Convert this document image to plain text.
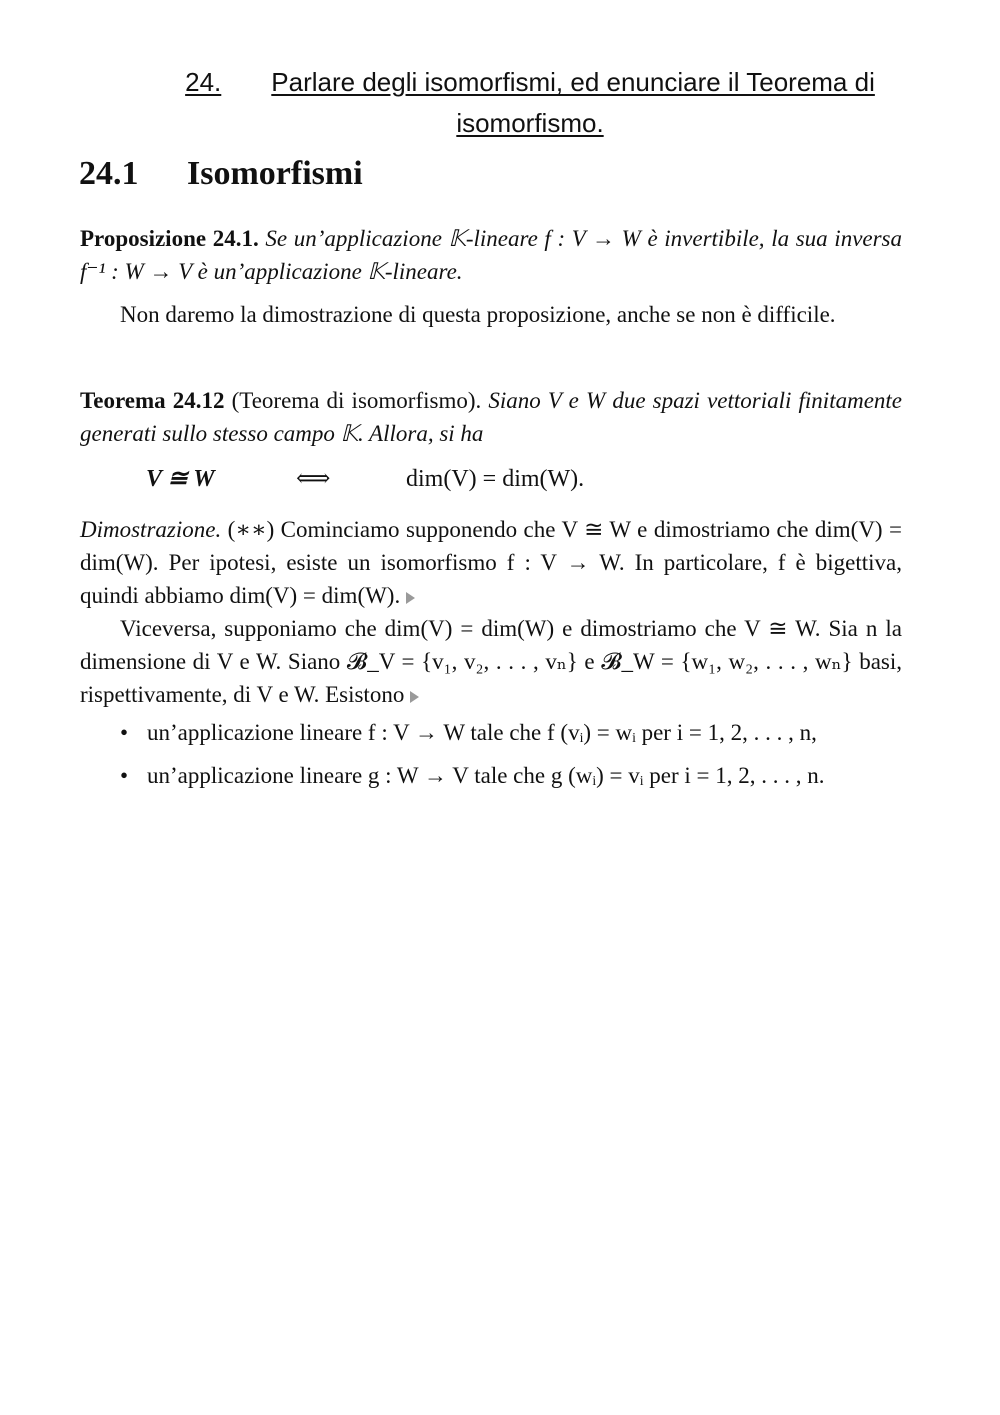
24. Parlare degli isomorfismi, ed enunciare il Teorema di isomorfismo.
24.1 Isomorfismi
Proposizione 24.1. Se un’applicazione 𝕂-lineare f : V → W è invertibile, la sua inversa f⁻¹ : W → V è un’applicazione 𝕂-lineare.
Non daremo la dimostrazione di questa proposizione, anche se non è difficile.
Teorema 24.12 (Teorema di isomorfismo). Siano V e W due spazi vettoriali finitamente generati sullo stesso campo 𝕂. Allora, si ha
V ≅ W	⟺	dim(V) = dim(W).
Dimostrazione. (∗∗) Cominciamo supponendo che V ≅ W e dimostriamo che dim(V) = dim(W). Per ipotesi, esiste un isomorfismo f : V → W. In particolare, f è bigettiva, quindi abbiamo dim(V) = dim(W).
Viceversa, supponiamo che dim(V) = dim(W) e dimostriamo che V ≅ W. Sia n la dimensione di V e W. Siano 𝓑_V = {v₁, v₂, . . . , vₙ} e 𝓑_W = {w₁, w₂, . . . , wₙ} basi, rispettivamente, di V e W. Esistono
• un’applicazione lineare f : V → W tale che f (vᵢ) = wᵢ per i = 1, 2, . . . , n,
• un’applicazione lineare g : W → V tale che g (wᵢ) = vᵢ per i = 1, 2, . . . , n.
